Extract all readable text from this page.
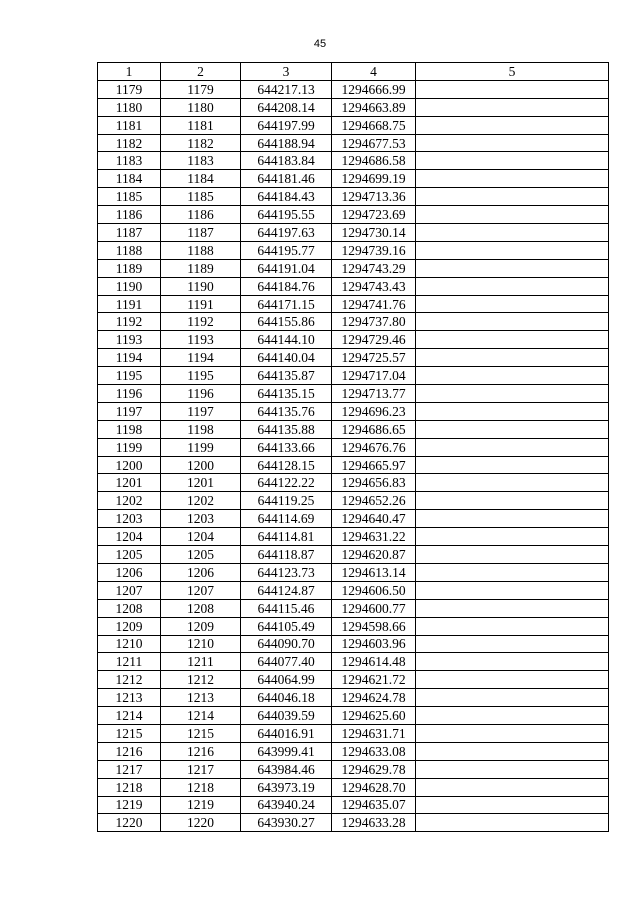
45
1	2	3	4	5
1179	1179	644217.13	1294666.99	
1180	1180	644208.14	1294663.89	
1181	1181	644197.99	1294668.75	
1182	1182	644188.94	1294677.53	
1183	1183	644183.84	1294686.58	
1184	1184	644181.46	1294699.19	
1185	1185	644184.43	1294713.36	
1186	1186	644195.55	1294723.69	
1187	1187	644197.63	1294730.14	
1188	1188	644195.77	1294739.16	
1189	1189	644191.04	1294743.29	
1190	1190	644184.76	1294743.43	
1191	1191	644171.15	1294741.76	
1192	1192	644155.86	1294737.80	
1193	1193	644144.10	1294729.46	
1194	1194	644140.04	1294725.57	
1195	1195	644135.87	1294717.04	
1196	1196	644135.15	1294713.77	
1197	1197	644135.76	1294696.23	
1198	1198	644135.88	1294686.65	
1199	1199	644133.66	1294676.76	
1200	1200	644128.15	1294665.97	
1201	1201	644122.22	1294656.83	
1202	1202	644119.25	1294652.26	
1203	1203	644114.69	1294640.47	
1204	1204	644114.81	1294631.22	
1205	1205	644118.87	1294620.87	
1206	1206	644123.73	1294613.14	
1207	1207	644124.87	1294606.50	
1208	1208	644115.46	1294600.77	
1209	1209	644105.49	1294598.66	
1210	1210	644090.70	1294603.96	
1211	1211	644077.40	1294614.48	
1212	1212	644064.99	1294621.72	
1213	1213	644046.18	1294624.78	
1214	1214	644039.59	1294625.60	
1215	1215	644016.91	1294631.71	
1216	1216	643999.41	1294633.08	
1217	1217	643984.46	1294629.78	
1218	1218	643973.19	1294628.70	
1219	1219	643940.24	1294635.07	
1220	1220	643930.27	1294633.28	
